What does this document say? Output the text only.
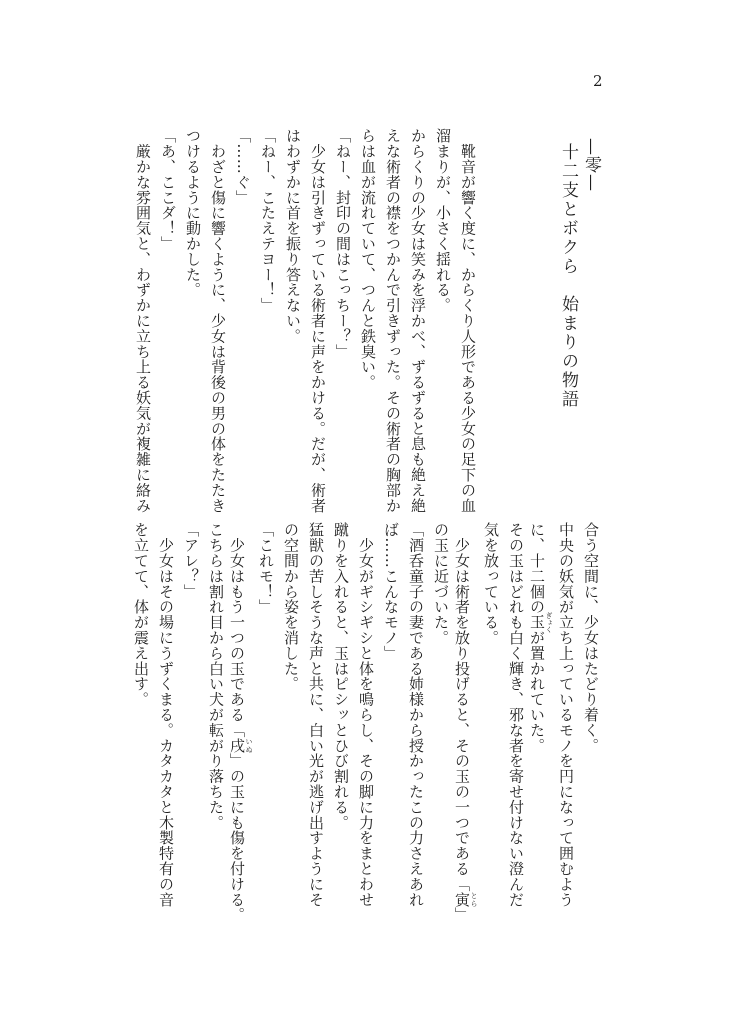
2
—零—
十二支とボクら　始まりの物語
　靴音が響く度に、からくり人形である少女の足下の血
溜まりが、小さく揺れる。
からくりの少女は笑みを浮かべ、ずるずると息も絶え絶
えな術者の襟をつかんで引きずった。その術者の胸部か
らは血が流れていて、つんと鉄臭い。
「ねー、封印の間はこっちー？」
　少女は引きずっている術者に声をかける。だが、術者
はわずかに首を振り答えない。
「ねー、こたえテヨー！」
「……ぐ」
　わざと傷に響くように、少女は背後の男の体をたたき
つけるように動かした。
「あ、ここダ！」
　厳かな雰囲気と、わずかに立ち上る妖気が複雑に絡み
合う空間に、少女はたどり着く。
中央の妖気が立ち上っているモノを円になって囲むよう
に、十二個の玉 ぎょくが置かれていた。
その玉はどれも白く輝き、邪な者を寄せ付けない澄んだ
気を放っている。
　少女は術者を放り投げると、その玉の一つである「寅 とら」
の玉に近づいた。
「酒呑童子の妻である姉様から授かったこの力さえあれ
ば……こんなモノ」
　少女がギシギシと体を鳴らし、その脚に力をまとわせ
蹴りを入れると、玉はピシッとひび割れる。
猛獣の苦しそうな声と共に、白い光が逃げ出すようにそ
の空間から姿を消した。
「これモ！」
　少女はもう一つの玉である「戌 いぬ」の玉にも傷を付ける。
こちらは割れ目から白い犬が転がり落ちた。
「アレ？」
　少女はその場にうずくまる。カタカタと木製特有の音
を立てて、体が震え出す。
